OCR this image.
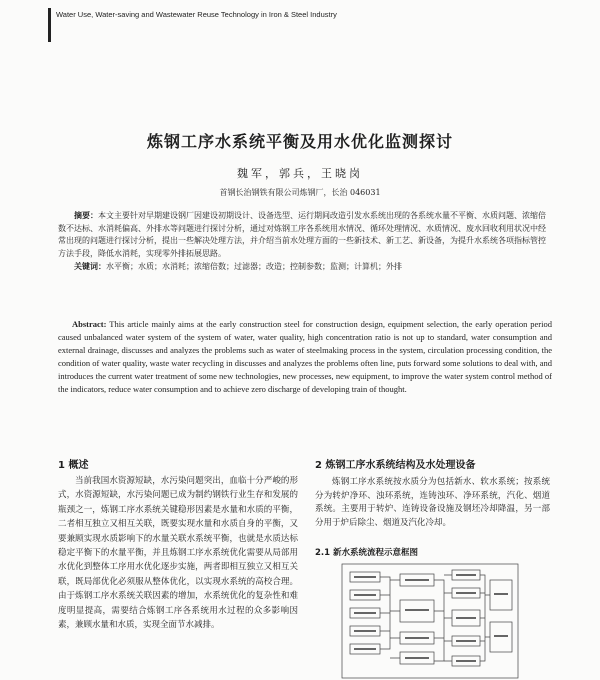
Water Use, Water-saving and Wastewater Reuse Technology in Iron & Steel Industry
炼钢工序水系统平衡及用水优化监测探讨
魏军，郭兵，王晓岗
首钢长治钢铁有限公司炼钢厂，长治 046031
摘要：本文主要针对早期建设钢厂因建设初期设计、设备选型、运行期间改造引发水系统出现的各系统水量不平衡、水质问题、浓缩倍数不达标、水消耗偏高、外排水等问题进行探讨分析，通过对炼钢工序各系统用水情况、循环处理情况、水质情况、废水回收利用状况中经常出现的问题进行探讨分析，提出一些解决处理方法，并介绍当前水处理方面的一些新技术、新工艺、新设备，为提升水系统各项指标管控方法手段，降低水消耗，实现零外排拓展思路。
关键词：水平衡；水质；水消耗；浓缩倍数；过滤器；改造；控制参数；监测；计算机；外排
Abstract: This article mainly aims at the early construction steel for construction design, equipment selection, the early operation period caused unbalanced water system of the system of water, water quality, high concentration ratio is not up to standard, water consumption and external drainage, discusses and analyzes the problems such as water of steelmaking process in the system, circulation processing condition, the condition of water quality, waste water recycling in discusses and analyzes the problems often line, puts forward some solutions to deal with, and introduces the current water treatment of some new technologies, new processes, new equipment, to improve the water system control method of the indicators, reduce water consumption and to achieve zero discharge of developing train of thought.
1 概述
当前我国水资源短缺，水污染问题突出，血临十分严峻的形式，水资源短缺，水污染问题已成为制约钢铁行业生存和发展的瓶颈之一，炼钢工序水系统关键稳形因素是水量和水质的平衡，二者相互独立又相互关联，既要实现水量和水质自身的平衡，又要兼顾实现水质影响下的水量关联水系统平衡，也就是水质达标稳定平衡下的水量平衡，并且炼钢工序水系统优化需要从局部用水优化到整体工序用水优化逐步实施，两者即相互独立又相互关联，既局部优化必须服从整体优化，以实现水系统的高校合理。由于炼钢工序水系统关联因素的增加，水系统优化的复杂性和难度明显提高，需要结合炼钢工序各系统用水过程的众多影响因素，兼顾水量和水质，实现全面节水减排。
2 炼钢工序水系统结构及水处理设备
炼钢工序水系统按水质分为包括新水、软水系统；按系统分为转炉净环、浊环系统，连铸浊环、净环系统，汽化、烟道系统。主要用于转炉、连铸设备设施及钢坯冷却降温，另一部分用于炉后除尘、烟道及汽化冷却。
2.1 新水系统流程示意框图
